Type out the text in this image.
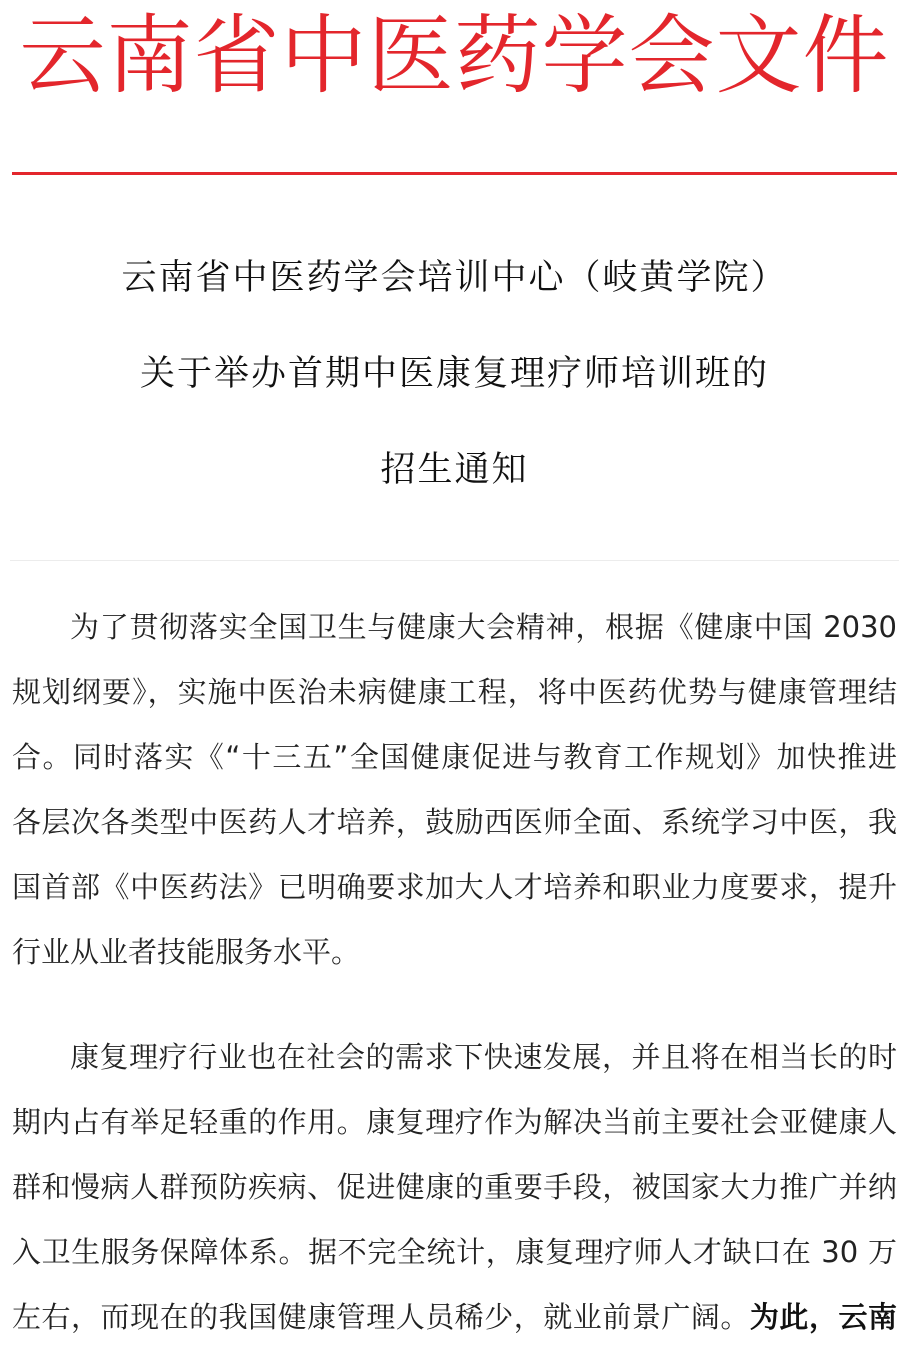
云南省中医药学会文件
云南省中医药学会培训中心（岐黄学院）
关于举办首期中医康复理疗师培训班的
招生通知
为了贯彻落实全国卫生与健康大会精神，根据《健康中国 2030
规划纲要》，实施中医治未病健康工程，将中医药优势与健康管理结
合。同时落实《“十三五”全国健康促进与教育工作规划》加快推进
各层次各类型中医药人才培养，鼓励西医师全面、系统学习中医，我
国首部《中医药法》已明确要求加大人才培养和职业力度要求，提升
行业从业者技能服务水平。
康复理疗行业也在社会的需求下快速发展，并且将在相当长的时
期内占有举足轻重的作用。康复理疗作为解决当前主要社会亚健康人
群和慢病人群预防疾病、促进健康的重要手段，被国家大力推广并纳
入卫生服务保障体系。据不完全统计，康复理疗师人才缺口在 30 万
左右，而现在的我国健康管理人员稀少，就业前景广阔。为此，云南
